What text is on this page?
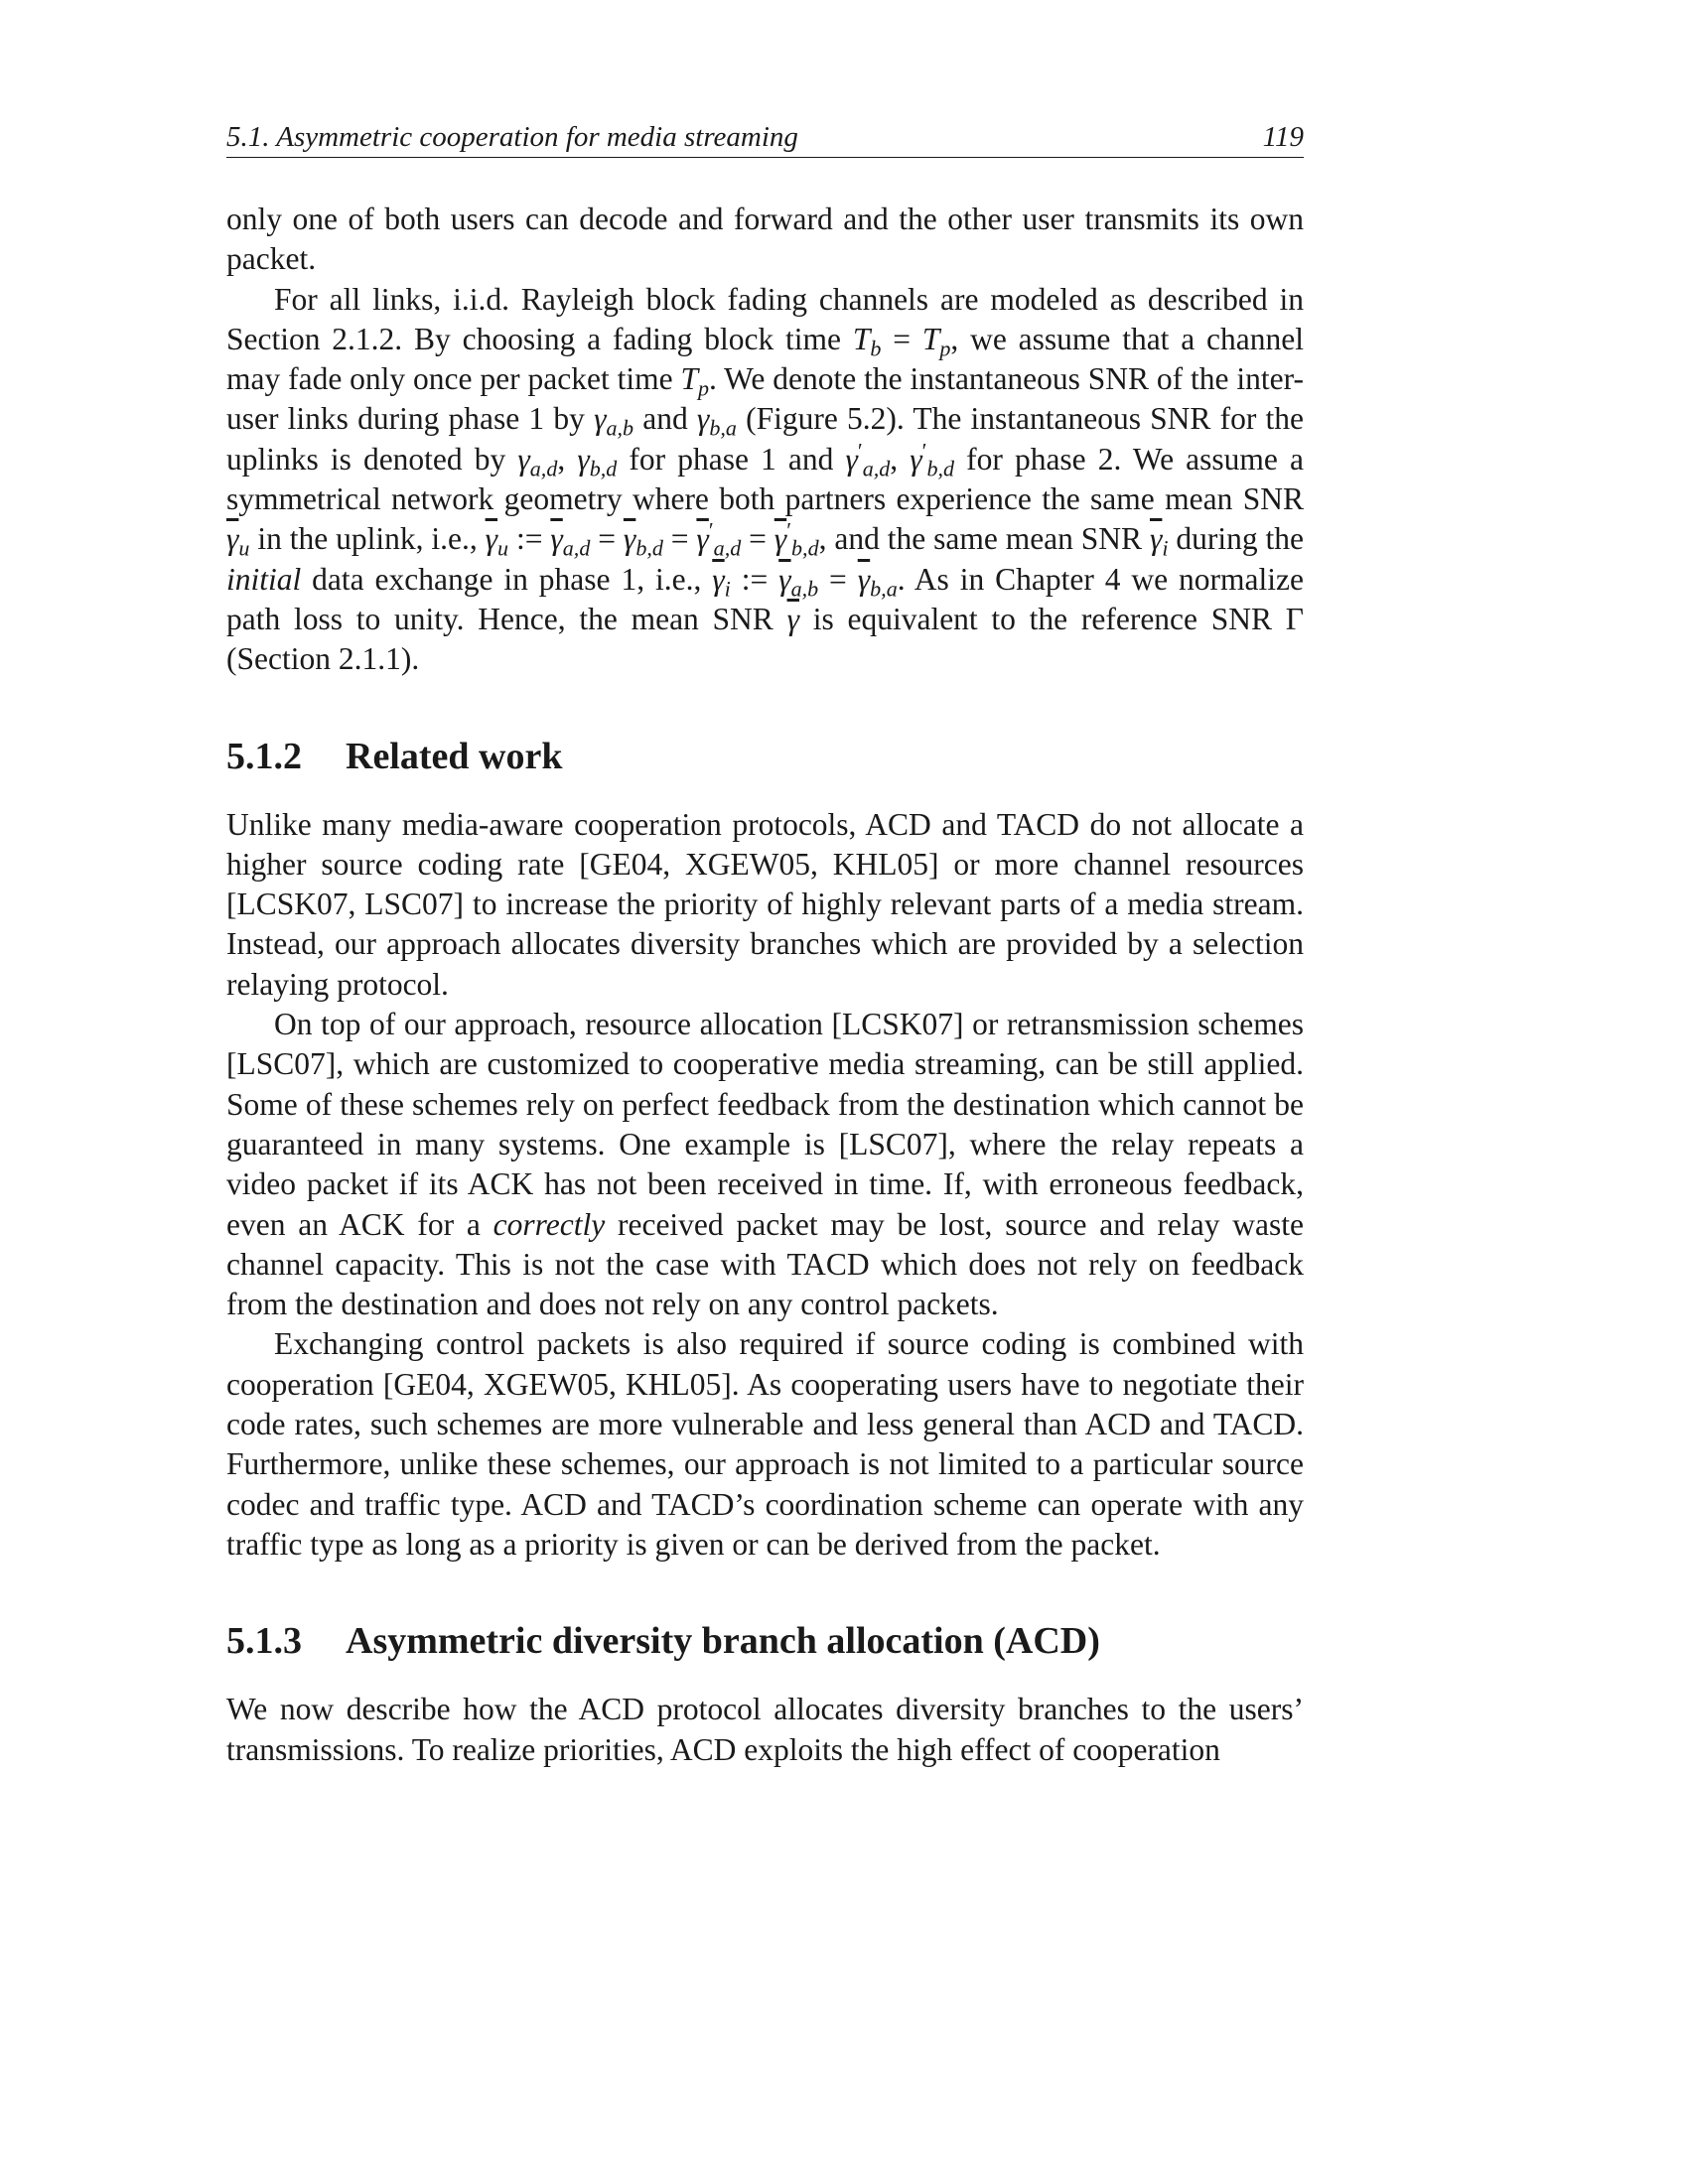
5.1. Asymmetric cooperation for media streaming	119

only one of both users can decode and forward and the other user transmits its own packet.

For all links, i.i.d. Rayleigh block fading channels are modeled as described in Section 2.1.2. By choosing a fading block time $T_b = T_p$, we assume that a channel may fade only once per packet time $T_p$. We denote the instantaneous SNR of the inter-user links during phase 1 by $\gamma_{a,b}$ and $\gamma_{b,a}$ (Figure 5.2). The instantaneous SNR for the uplinks is denoted by $\gamma_{a,d}$, $\gamma_{b,d}$ for phase 1 and $\gamma'_{a,d}$, $\gamma'_{b,d}$ for phase 2. We assume a symmetrical network geometry where both partners experience the same mean SNR $\overline{\gamma}_u$ in the uplink, i.e., $\overline{\gamma}_u$ := $\overline{\gamma}_{a,d} = \overline{\gamma}_{b,d} = \overline{\gamma}'_{a,d} = \overline{\gamma}'_{b,d}$, and the same mean SNR $\overline{\gamma}_i$ during the initial data exchange in phase 1, i.e., $\overline{\gamma}_i$ := $\overline{\gamma}_{a,b} = \overline{\gamma}_{b,a}$. As in Chapter 4 we normalize path loss to unity. Hence, the mean SNR $\overline{\gamma}$ is equivalent to the reference SNR Γ (Section 2.1.1).

5.1.2 Related work

Unlike many media-aware cooperation protocols, ACD and TACD do not allocate a higher source coding rate [GE04, XGEW05, KHL05] or more channel resources [LCSK07, LSC07] to increase the priority of highly relevant parts of a media stream. Instead, our approach allocates diversity branches which are provided by a selection relaying protocol.

On top of our approach, resource allocation [LCSK07] or retransmission schemes [LSC07], which are customized to cooperative media streaming, can be still applied. Some of these schemes rely on perfect feedback from the destination which cannot be guaranteed in many systems. One example is [LSC07], where the relay repeats a video packet if its ACK has not been received in time. If, with erroneous feedback, even an ACK for a correctly received packet may be lost, source and relay waste channel capacity. This is not the case with TACD which does not rely on feedback from the destination and does not rely on any control packets.

Exchanging control packets is also required if source coding is combined with cooperation [GE04, XGEW05, KHL05]. As cooperating users have to negotiate their code rates, such schemes are more vulnerable and less general than ACD and TACD. Furthermore, unlike these schemes, our approach is not limited to a particular source codec and traffic type. ACD and TACD’s coordination scheme can operate with any traffic type as long as a priority is given or can be derived from the packet.

5.1.3 Asymmetric diversity branch allocation (ACD)

We now describe how the ACD protocol allocates diversity branches to the users’ transmissions. To realize priorities, ACD exploits the high effect of cooperation
